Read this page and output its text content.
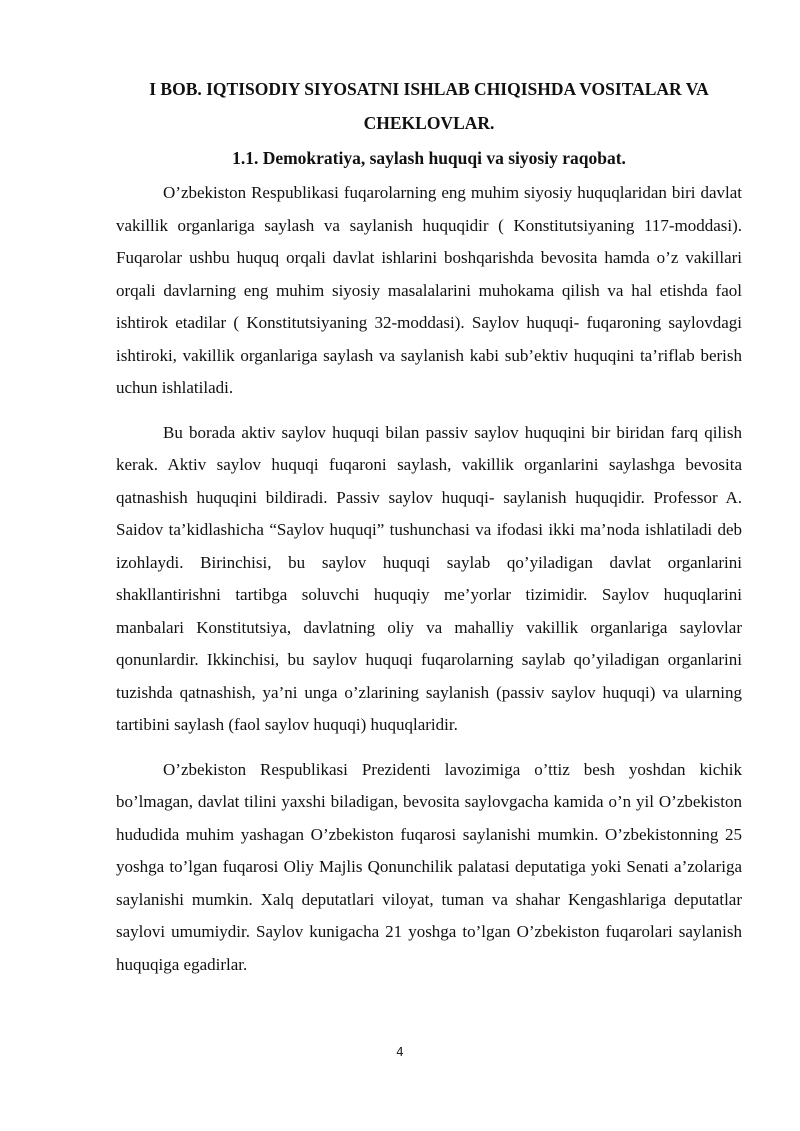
I BOB. IQTISODIY SIYOSATNI ISHLAB CHIQISHDA VOSITALAR VA CHEKLOVLAR.
1.1. Demokratiya, saylash huquqi va siyosiy raqobat.

O’zbekiston Respublikasi fuqarolarning eng muhim siyosiy huquqlaridan biri davlat vakillik organlariga saylash va saylanish huquqidir ( Konstitutsiyaning 117-moddasi). Fuqarolar ushbu huquq orqali davlat ishlarini boshqarishda bevosita hamda o’z vakillari orqali davlarning eng muhim siyosiy masalalarini muhokama qilish va hal etishda faol ishtirok etadilar ( Konstitutsiyaning 32-moddasi). Saylov huquqi- fuqaroning saylovdagi ishtiroki, vakillik organlariga saylash va saylanish kabi sub’ektiv huquqini ta’riflab berish uchun ishlatiladi.

Bu borada aktiv saylov huquqi bilan passiv saylov huquqini bir biridan farq qilish kerak. Aktiv saylov huquqi fuqaroni saylash, vakillik organlarini saylashga bevosita qatnashish huquqini bildiradi. Passiv saylov huquqi- saylanish huquqidir. Professor A. Saidov ta’kidlashicha “Saylov huquqi” tushunchasi va ifodasi ikki ma’noda ishlatiladi deb izohlaydi. Birinchisi, bu saylov huquqi saylab qo’yiladigan davlat organlarini shakllantirishni tartibga soluvchi huquqiy me’yorlar tizimidir. Saylov huquqlarini manbalari Konstitutsiya, davlatning oliy va mahalliy vakillik organlariga saylovlar qonunlardir. Ikkinchisi, bu saylov huquqi fuqarolarning saylab qo’yiladigan organlarini tuzishda qatnashish, ya’ni unga o’zlarining saylanish (passiv saylov huquqi) va ularning tartibini saylash (faol saylov huquqi) huquqlaridir.

O’zbekiston Respublikasi Prezidenti lavozimiga o’ttiz besh yoshdan kichik bo’lmagan, davlat tilini yaxshi biladigan, bevosita saylovgacha kamida o’n yil O’zbekiston hududida muhim yashagan O’zbekiston fuqarosi saylanishi mumkin. O’zbekistonning 25 yoshga to’lgan fuqarosi Oliy Majlis Qonunchilik palatasi deputatiga yoki Senati a’zolariga saylanishi mumkin. Xalq deputatlari viloyat, tuman va shahar Kengashlariga deputatlar saylovi umumiydir. Saylov kunigacha 21 yoshga to’lgan O’zbekiston fuqarolari saylanish huquqiga egadirlar.

4
